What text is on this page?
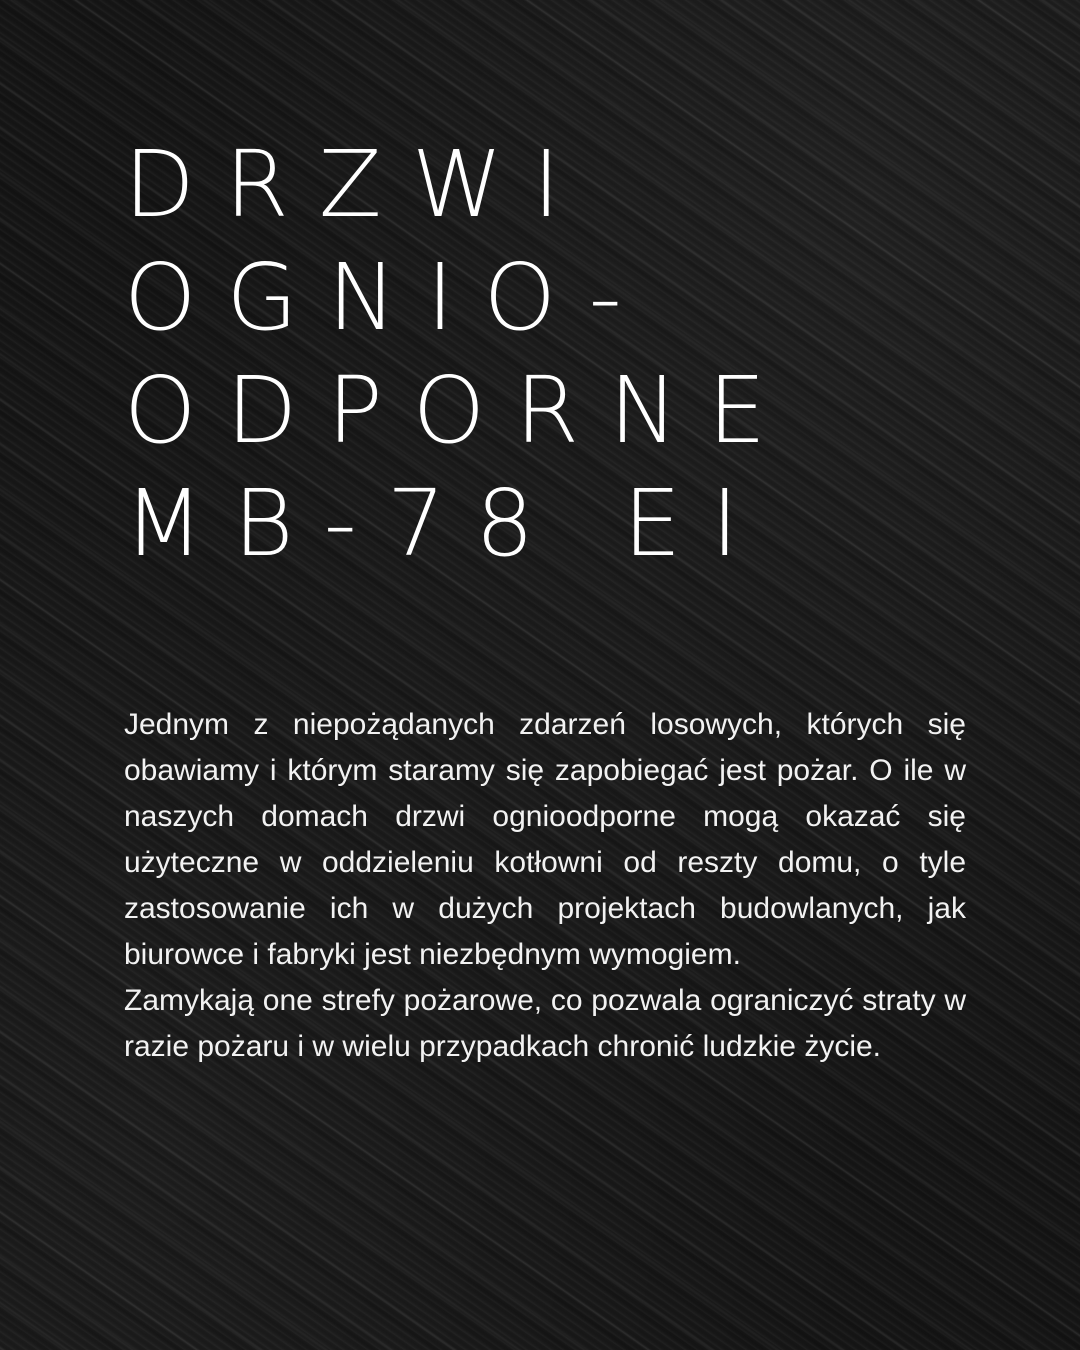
DRZWI
OGNIO-
ODPORNE
MB-78 EI

Jednym z niepożądanych zdarzeń losowych, których się obawiamy i którym staramy się zapobiegać jest pożar. O ile w naszych domach drzwi ognioodporne mogą okazać się użyteczne w oddzieleniu kotłowni od reszty domu, o tyle zastosowanie ich w dużych projektach budowlanych, jak biurowce i fabryki jest niezbędnym wymogiem.

Zamykają one strefy pożarowe, co pozwala ograniczyć straty w razie pożaru i w wielu przypadkach chronić ludzkie życie.
